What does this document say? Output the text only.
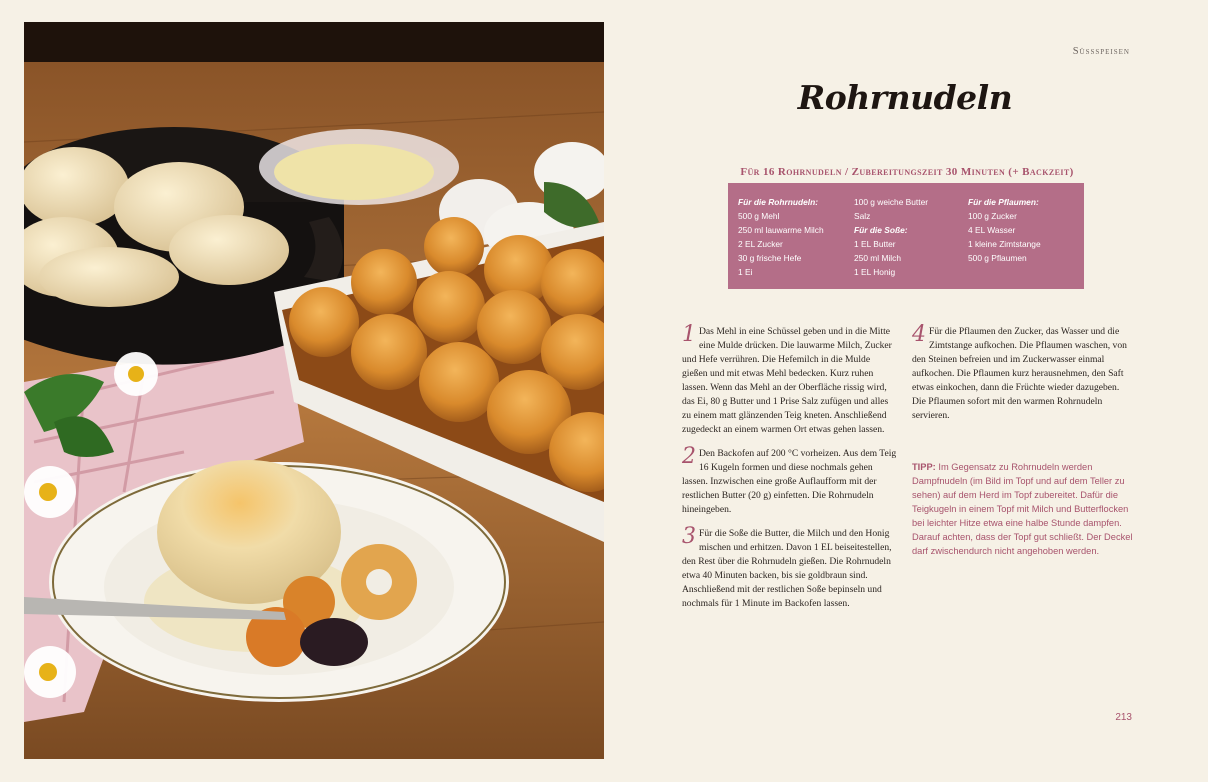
Süssspeisen
Rohrnudeln
Für 16 Rohrnudeln / Zubereitungszeit 30 Minuten (+ Backzeit)
Für die Rohrnudeln:
500 g Mehl
250 ml lauwarme Milch
2 EL Zucker
30 g frische Hefe
1 Ei
100 g weiche Butter
Salz
Für die Soße:
1 EL Butter
250 ml Milch
1 EL Honig
Für die Pflaumen:
100 g Zucker
4 EL Wasser
1 kleine Zimtstange
500 g Pflaumen
1 Das Mehl in eine Schüssel geben und in die Mitte eine Mulde drücken. Die lauwarme Milch, Zucker und Hefe verrühren. Die Hefemilch in die Mulde gießen und mit etwas Mehl bedecken. Kurz ruhen lassen. Wenn das Mehl an der Oberfläche rissig wird, das Ei, 80 g Butter und 1 Prise Salz zufügen und alles zu einem matt glänzenden Teig kneten. Anschließend zugedeckt an einem warmen Ort etwas gehen lassen.
2 Den Backofen auf 200 °C vorheizen. Aus dem Teig 16 Kugeln formen und diese nochmals gehen lassen. Inzwischen eine große Auflaufform mit der restlichen Butter (20 g) einfetten. Die Rohrnudeln hineingeben.
3 Für die Soße die Butter, die Milch und den Honig mischen und erhitzen. Davon 1 EL beiseitestellen, den Rest über die Rohrnudeln gießen. Die Rohrnudeln etwa 40 Minuten backen, bis sie goldbraun sind. Anschließend mit der restlichen Soße bepinseln und nochmals für 1 Minute im Backofen lassen.
4 Für die Pflaumen den Zucker, das Wasser und die Zimtstange aufkochen. Die Pflaumen waschen, von den Steinen befreien und im Zuckerwasser einmal aufkochen. Die Pflaumen kurz herausnehmen, den Saft etwas einkochen, dann die Früchte wieder dazugeben. Die Pflaumen sofort mit den warmen Rohrnudeln servieren.
TIPP: Im Gegensatz zu Rohrnudeln werden Dampfnudeln (im Bild im Topf und auf dem Teller zu sehen) auf dem Herd im Topf zubereitet. Dafür die Teigkugeln in einem Topf mit Milch und Butterflocken bei leichter Hitze etwa eine halbe Stunde dampfen. Darauf achten, dass der Topf gut schließt. Der Deckel darf zwischendurch nicht angehoben werden.
213
